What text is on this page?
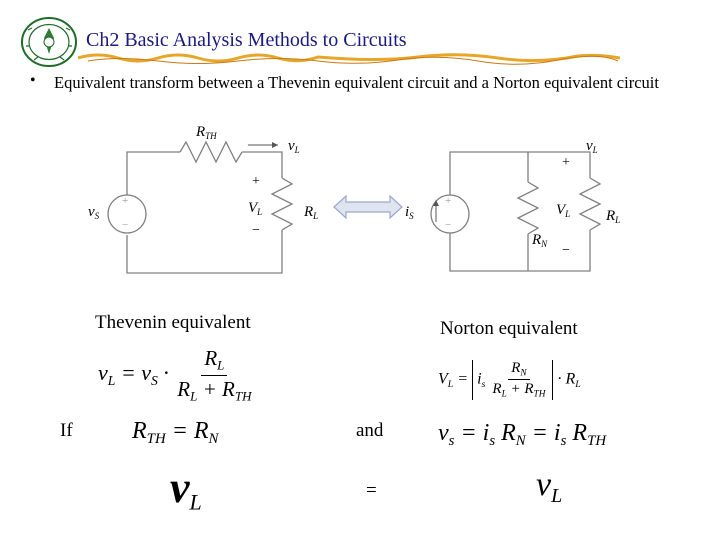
Ch2 Basic Analysis Methods to Circuits
• Equivalent transform between a Thevenin equivalent circuit and a Norton equivalent circuit
$R_{TH}$
$v_L$
+
$V_L$
−
$R_L$
$v_S$
+
−
$v_L$
+
$V_L$
−
$R_L$
$R_N$
$i_S$
+
−
Thevenin equivalent	Norton equivalent
$v_L = v_S \cdot \frac{R_L}{R_L + R_{TH}}$	$V_L = i_s \frac{R_N}{R_L + R_{TH}} \cdot R_L$
If $R_{TH} = R_N$	and $v_s = i_s$ $R_N = i_s$ $R_{TH}$
$v_L$	=	$v_L$
